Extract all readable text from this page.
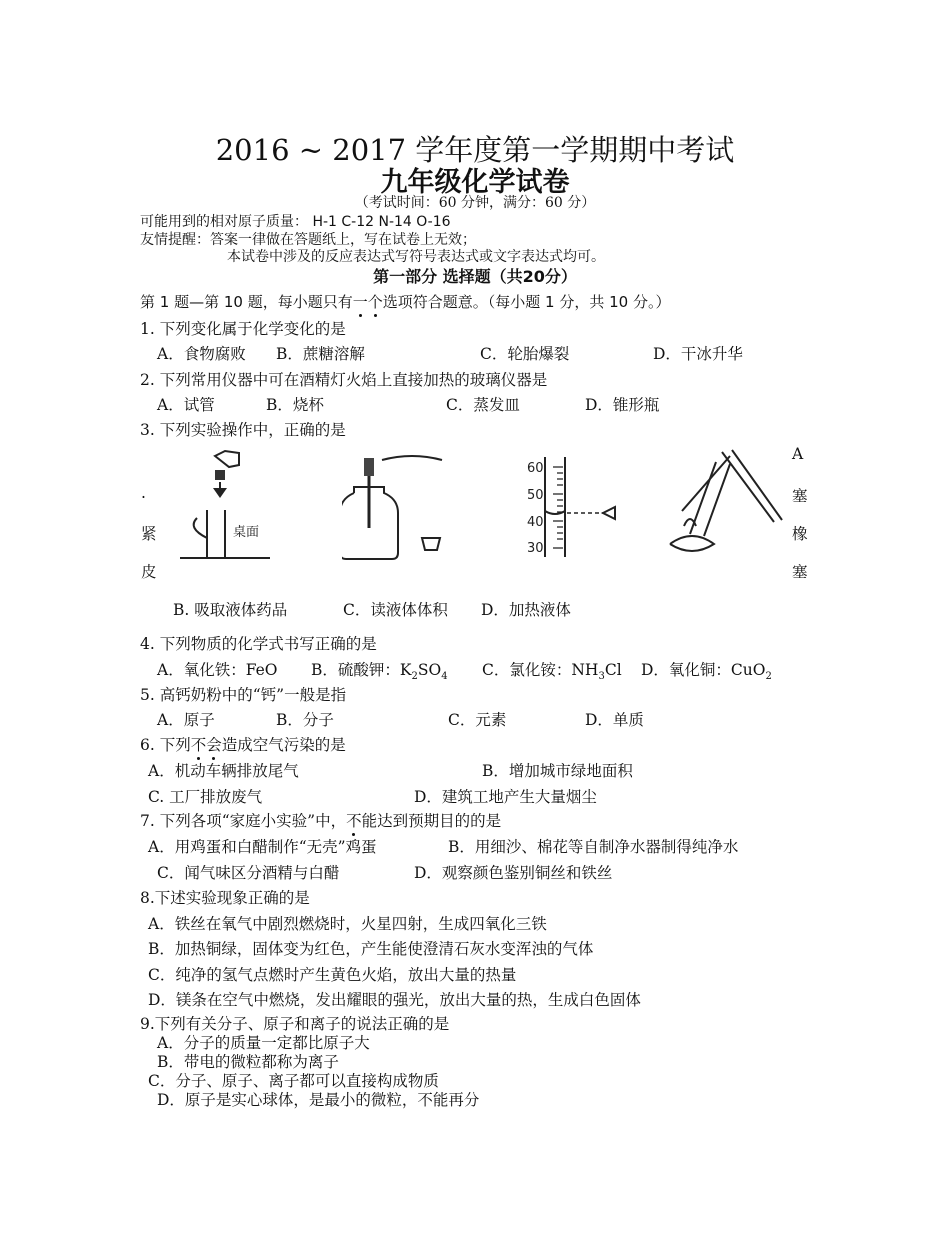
2016 ~ 2017 学年度第一学期期中考试
九年级化学试卷
（考试时间：60 分钟，满分：60 分）
可能用到的相对原子质量： H-1 C-12 N-14 O-16
友情提醒：答案一律做在答题纸上，写在试卷上无效；
本试卷中涉及的反应表达式写符号表达式或文字表达式均可。
第一部分 选择题（共20分）
第 1 题—第 10 题，每小题只有一个选项符合题意。（每小题 1 分，共 10 分。）
1. 下列变化属于化学变化的是
A．食物腐败 B．蔗糖溶解	C．轮胎爆裂	D．干冰升华
2. 下列常用仪器中可在酒精灯火焰上直接加热的玻璃仪器是
A．试管	B．烧杯	C．蒸发皿	D．锥形瓶
3. 下列实验操作中，正确的是
A
塞
橡
塞
.
紧
皮
桌面
60
50
40
30
B. 吸取液体药品	C．读液体体积 D．加热液体
4. 下列物质的化学式书写正确的是
A．氧化铁：FeO B．硫酸钾：$K_2SO_4$ C．氯化铵：$NH_3Cl$ D．氧化铜：CuO$_2$
5. 高钙奶粉中的“钙”一般是指
A．原子	B．分子	C．元素	D．单质
6. 下列不会造成空气污染的是
A．机动车辆排放尾气	B．增加城市绿地面积
C. 工厂排放废气	D．建筑工地产生大量烟尘
7. 下列各项“家庭小实验”中，不能达到预期目的的是
A．用鸡蛋和白醋制作“无壳”鸡蛋	B．用细沙、棉花等自制净水器制得纯净水
C．闻气味区分酒精与白醋	D．观察颜色鉴别铜丝和铁丝
8.下述实验现象正确的是
A．铁丝在氧气中剧烈燃烧时，火星四射，生成四氧化三铁
B．加热铜绿，固体变为红色，产生能使澄清石灰水变浑浊的气体
C．纯净的氢气点燃时产生黄色火焰，放出大量的热量
D．镁条在空气中燃烧，发出耀眼的强光，放出大量的热，生成白色固体
9.下列有关分子、原子和离子的说法正确的是
A．分子的质量一定都比原子大
B．带电的微粒都称为离子
C．分子、原子、离子都可以直接构成物质
D．原子是实心球体，是最小的微粒，不能再分
